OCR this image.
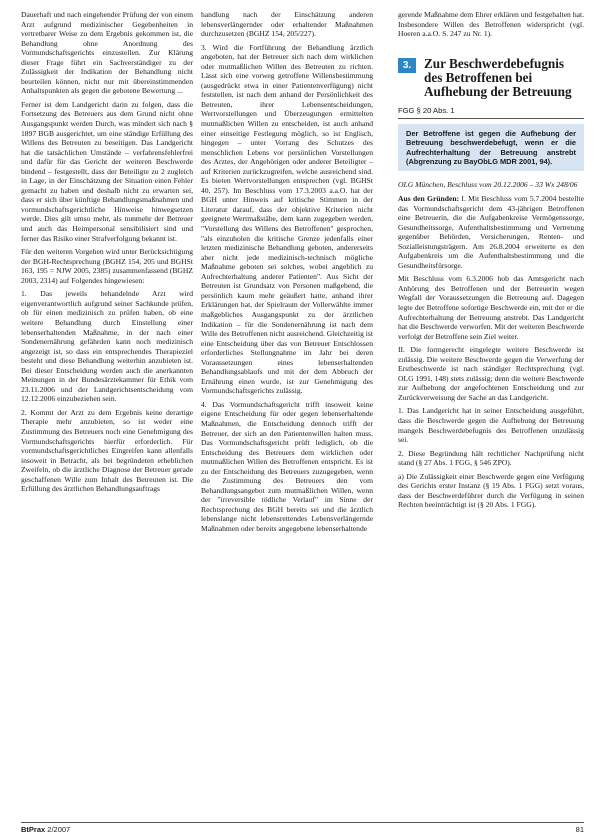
Dauerhaft und nach eingehender Prüfung der von einem Arzt aufgrund medizinischer Gegebenheiten in vertretbarer Weise zu dem Ergebnis gekommen ist, die Behandlung ohne Anordnung des Vormundschaftsgerichts einzustellen. Zur Klärung dieser Frage führt ein Sachverständiger zu der Zulässigkeit der Indikation der Behandlung nicht beurteilen können, nicht nur mit übereinstimmenden Anhaltspunkten als gegen die gebotene Bewertung ...

Ferner ist dem Landgericht darin zu folgen, dass die Fortsetzung des Betreuers aus dem Grund nicht ohne Ausgangspunkt werden Durch, was mindert sich nach § 1897 BGB ausgerichtet, um eine ständige Erfüllung des Willens des Betreuten zu beseitigen. Das Landgericht hat die tatsächlichen Umstände – verfahrensfehlerfrei und dafür für das Gericht der weiteren Beschwerde bindend – festgestellt, dass der Beteiligte zu 2 zugleich in Lage, in der Einschätzung der Situation einen Fehler gemacht zu haben und deshalb nicht zu erwarten sei, dass er sich über künftige Behandlungsmaßnahmen und vormundschaftsgerichtliche Hinweise hinwegsetzen werde. Dies gilt umso mehr, als nunmehr der Betreuer und auch das Heimpersonal sensibilisiert sind und ferner das Risiko einer Strafverfolgung bekannt ist.

Für den weiteren Vorgehen wird unter Berücksichtigung der BGH-Rechtsprechung (BGHZ 154, 205 und BGHSt 163, 195 = NJW 2005, 2385) zusammenfassend (BGHZ 2003, 2314) auf Folgendes hingewiesen:

1. Das jeweils behandelnde Arzt wird eigenverantwortlich aufgrund seiner Sachkunde prüfen, ob für einen medizinisch zu prüfen haben, ob eine weitere Behandlung durch Einstellung einer lebenserhaltenden Maßnahme, in der nach einer Sondenernährung gefährden kann noch medizinisch angezeigt ist, so dass ein entsprechendes Therapieziel besteht und diese Behandlung weiterhin anzubieten ist. Bei dieser Entscheidung werden auch die anerkannten Meinungen in der Bundesärztekammer für Ethik vom 23.11.2006 und der Landgerichtsentscheidung vom 12.12.2006 einzubeziehen sein.

2. Kommt der Arzt zu dem Ergebnis keine derartige Therapie mehr anzubieten, so ist weder eine Zustimmung des Betreuers noch eine Genehmigung des Vormundschaftsgerichts hierfür erforderlich. Für vormundschaftsgerichtliches Eingreifen kann allenfalls insoweit in Betracht, als bei begründeten erheblichen Zweifeln, ob die ärztliche Diagnose der Betreuer gerade geschaffenen Wille zum Inhalt des Betreuten ist. Die Erfüllung des ärztlichen Behandlungsauftrags

handlung nach der Einschätzung anderen lebensverlängernder oder erhaltender Maßnahmen durchzusetzen (BGHZ 154, 205/227).

3. Wird die Fortführung der Behandlung ärztlich angeboten, hat der Betreuer sich nach dem wirklichen oder mutmaßlichen Willen des Betreuten zu richten. Lässt sich eine vorweg getroffene Willensbestimmung (ausgedrückt etwa in einer Patientenverfügung) nicht feststellen, ist nach dem anhand der Persönlichkeit des Betreuten, ihrer Lebensentscheidungen, Wertvorstellungen und Überzeugungen ermittelten mutmaßlichen Willen zu entscheiden, ist auch anhand einer einseitige Festlegung möglich, so ist Englisch, hingegen – unter Vorrang des Schutzes des menschlichen Lebens vor persönlichen Vorstellungen des Arztes, der Angehörigen oder anderer Beteiligter – auf Kriterien zurückzugreifen, welche ausreichend sind. Es bieten Wertvorstellungen entsprechen (vgl. BGHSt 40, 257). Im Beschluss vom 17.3.2003 a.a.O. hat der BGH unter Hinweis auf kritische Stimmen in der Literatur darauf, dass der objektive Kriterien nicht geeignete Wertmaßstäbe, dem kann zugegeben werden, "Vorstellung des Willens des Betroffenen" gesprochen, "als einzuholen die kritische Grenze jedenfalls einer letzten medizinische Behandlung geboten, andererseits aber nicht jede medizinisch-technisch mögliche Maßnahme geboten sei solches, wobei angeblich zu Aufrechterhaltung anderer Patienten". Aus Sicht der Betreuten ist Grundsatz von Personen maßgebend, die persönlich kaum mehr geäußert hatte, anhand ihrer Erklärungen hat, der Spielraum der Vollerwählte immer maßgebliches Ausgangspunkt zu der ärztlichen Indikation – für die Sondenernährung ist nach dem Wille des Betroffenen nicht ausreichend. Gleichzeitig ist eine Entscheidung über das von Betreuer Entschlossen erforderliches Stellungnahme im Jahr bei deren Voraussetzungen eines lebenserhaltenden Behandlungsablaufs und mit der dem Abbruch der Ernährung einen wurde, ist zur Genehmigung des Vormundschaftsgerichts zulässig.

4. Das Vormundschaftsgericht trifft insoweit keine eigene Entscheidung für oder gegen lebenserhaltende Maßnahmen, die Entscheidung dennoch trifft der Betreuer, der sich an den Patientenwillen halten muss. Das Vormundschaftsgericht prüft lediglich, ob die Entscheidung des Betreuers dem wirklichen oder mutmaßlichen Willen des Betroffenen entspricht. Es ist zu der Entscheidung des Betreuers zuzugegeben, wenn die Zustimmung des Betreuers den vom Behandlungsangebot zum mutmaßlichen Willen, wenn der "irreversible tödliche Verlauf" im Sinne der Rechtsprechung des BGH bereits sei und die ärztlich lebenslange nicht lebensrettendes Lebensverlängernde Maßnahmen oder bereits angegebene lebenserhaltende

gerende Maßnahme dem Ehrer erklären und festgehalten hat. Insbesondere Willen des Betroffenen widerspricht (vgl. Hoeren a.a.O. S. 247 zu Nr. 1).

3. Zur Beschwerdebefugnis des Betroffenen bei Aufhebung der Betreuung
FGG § 20 Abs. 1
Der Betroffene ist gegen die Aufhebung der Betreuung beschwerdebefugt, wenn er die Aufrechterhaltung der Betreuung anstrebt (Abgrenzung zu BayObLG MDR 2001, 94).

OLG München, Beschluss vom 20.12.2006 – 33 Wx 248/06

Aus den Gründen: I. Mit Beschluss vom 5.7.2004 bestellte das Vormundschaftsgericht dem 43-jährigen Betroffenen eine Betreuerin, die die Aufgabenkreise Vermögenssorge, Gesundheitssorge, Aufenthaltsbestimmung und Vertretung gegenüber Behörden, Versicherungen, Renten- und Sozialleistungsträgern. Am 26.8.2004 erweiterte es den Aufgabenkreis um die Aufenthaltsbestimmung und die Gesundheitsfürsorge.

Mit Beschluss vom 6.3.2006 hob das Amtsgericht nach Anhörung des Betroffenen und der Betreuerin wegen Wegfall der Voraussetzungen die Betreuung auf. Dagegen legte der Betroffene sofortige Beschwerde ein, mit der er die Aufrechterhaltung der Betreuung anstrebt. Das Landgericht hat die Beschwerde verworfen. Mit der weiteren Beschwerde verfolgt der Betroffene sein Ziel weiter.

II. Die formgerecht eingelegte weitere Beschwerde ist zulässig. Die weitere Beschwerde gegen die Verwerfung der Erstbeschwerde ist nach ständiger Rechtsprechung (vgl. OLG 1991, 148) stets zulässig; denn die weitere Beschwerde zur Aufhebung der angefochtenen Entscheidung und zur Zurückverweisung der Sache an das Landgericht.

1. Das Landgericht hat in seiner Entscheidung ausgeführt, dass die Beschwerde gegen die Aufhebung der Betreuung mangels Beschwerdebefugnis des Betroffenen unzulässig sei.

2. Diese Begründung hält rechtlicher Nachprüfung nicht stand (§ 27 Abs. 1 FGG, § 546 ZPO).

a) Die Zulässigkeit einer Beschwerde gegen eine Verfügung des Gerichts erster Instanz (§ 19 Abs. 1 FGG) setzt voraus, dass der Beschwerdeführer durch die Verfügung in seinen Rechten beeinträchtigt ist (§ 20 Abs. 1 FGG).

BtPrax 2/2007	81
